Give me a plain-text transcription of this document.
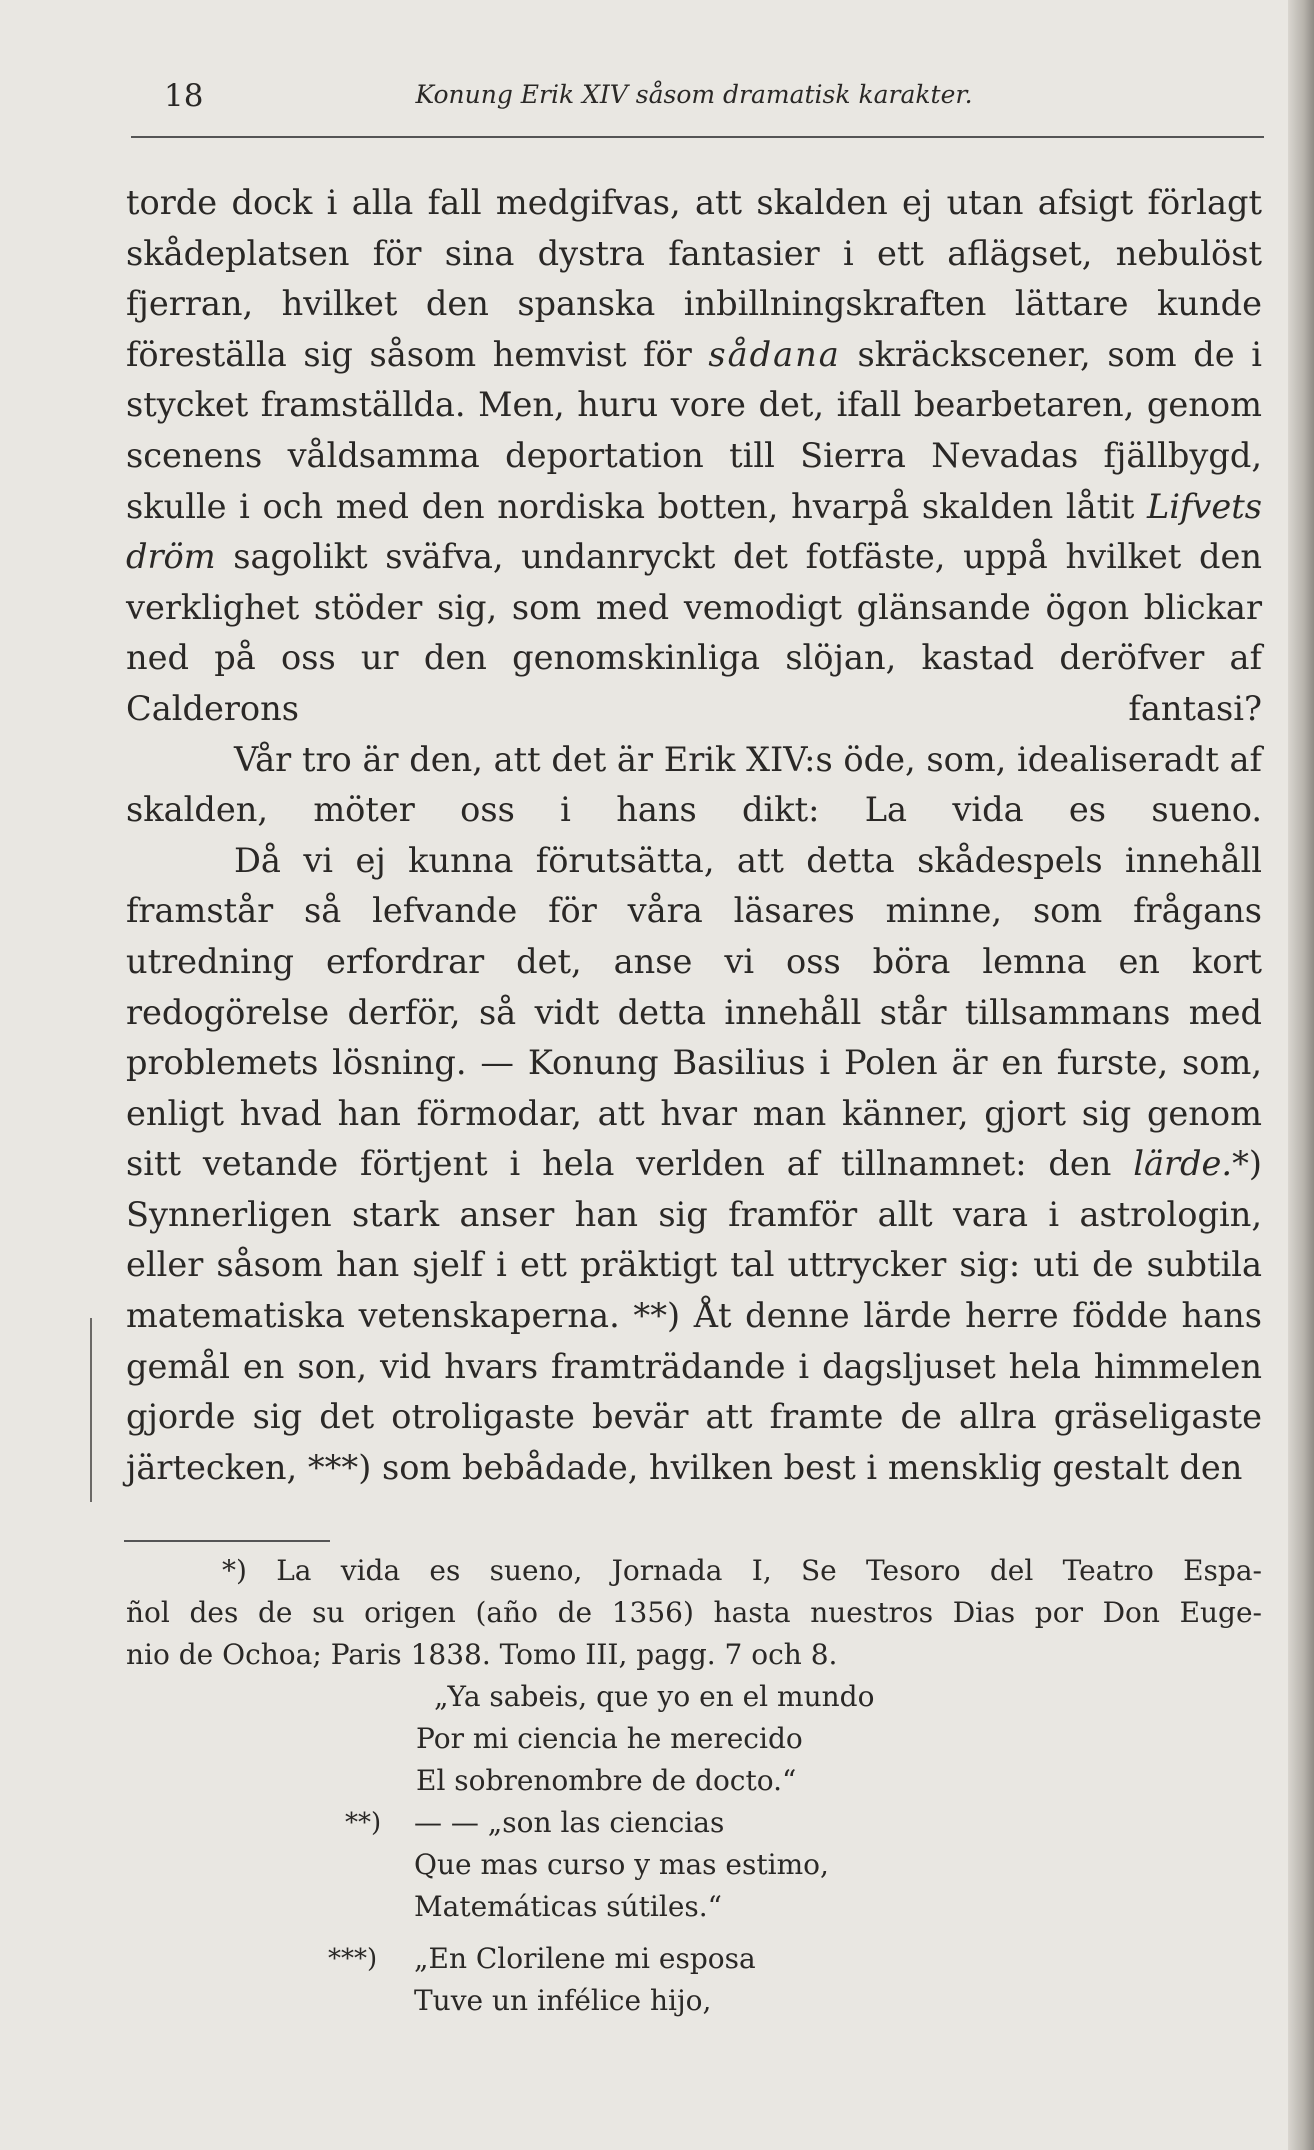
18	Konung Erik XIV såsom dramatisk karakter.

torde dock i alla fall medgifvas, att skalden ej utan afsigt förlagt skådeplatsen för sina dystra fantasier i ett aflägset, nebulöst fjerran, hvilket den spanska inbillningskraften lättare kunde föreställa sig såsom hemvist för sådana skräckscener, som de i stycket framställda. Men, huru vore det, ifall bearbetaren, genom scenens våldsamma deportation till Sierra Nevadas fjällbygd, skulle i och med den nordiska botten, hvarpå skalden låtit Lifvets dröm sagolikt sväfva, undanryckt det fotfäste, uppå hvilket den verklighet stöder sig, som med vemodigt glänsande ögon blickar ned på oss ur den genomskinliga slöjan, kastad deröfver af Calderons fantasi?

Vår tro är den, att det är Erik XIV:s öde, som, idealiseradt af skalden, möter oss i hans dikt: La vida es sueno.

Då vi ej kunna förutsätta, att detta skådespels innehåll framstår så lefvande för våra läsares minne, som frågans utredning erfordrar det, anse vi oss böra lemna en kort redogörelse derför, så vidt detta innehåll står tillsammans med problemets lösning. — Konung Basilius i Polen är en furste, som, enligt hvad han förmodar, att hvar man känner, gjort sig genom sitt vetande förtjent i hela verlden af tillnamnet: den lärde.*) Synnerligen stark anser han sig framför allt vara i astrologin, eller såsom han sjelf i ett präktigt tal uttrycker sig: uti de subtila matematiska vetenskaperna. **) Åt denne lärde herre födde hans gemål en son, vid hvars framträdande i dagsljuset hela himmelen gjorde sig det otroligaste bevär att framte de allra gräseligaste järtecken, ***) som bebådade, hvilken best i mensklig gestalt den

*) La vida es sueno, Jornada I, Se Tesoro del Teatro Espa-

ñol des de su origen (año de 1356) hasta nuestros Dias por Don Euge-

nio de Ochoa; Paris 1838. Tomo III, pagg. 7 och 8.

„Ya sabeis, que yo en el mundo
Por mi ciencia he merecido
El sobrenombre de docto.“
**) — — „son las ciencias
Que mas curso y mas estimo,
Matemáticas sútiles.“
***) „En Clorilene mi esposa
Tuve un infélice hijo,
